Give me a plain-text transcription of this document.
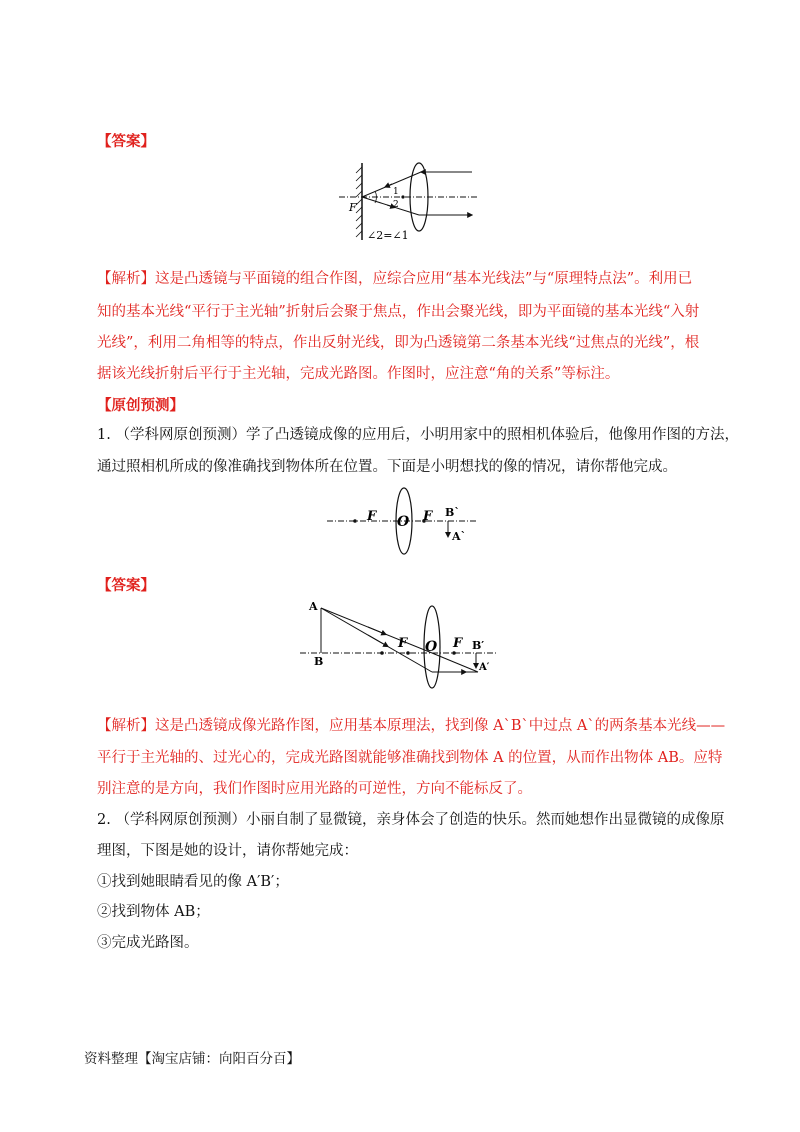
【答案】
F
1
2
∠2=∠1
【解析】这是凸透镜与平面镜的组合作图，应综合应用“基本光线法”与“原理特点法”。利用已
知的基本光线“平行于主光轴”折射后会聚于焦点，作出会聚光线，即为平面镜的基本光线“入射
光线”，利用二角相等的特点，作出反射光线，即为凸透镜第二条基本光线“过焦点的光线”，根
据该光线折射后平行于主光轴，完成光路图。作图时，应注意“角的关系”等标注。
【原创预测】
1. （学科网原创预测）学了凸透镜成像的应用后，小明用家中的照相机体验后，他像用作图的方法，
通过照相机所成的像准确找到物体所在位置。下面是小明想找的像的情况，请你帮他完成。
F O F B`
A`
【答案】
A
B
F O F B′
A′
【解析】这是凸透镜成像光路作图，应用基本原理法，找到像 A`B`中过点 A`的两条基本光线——
平行于主光轴的、过光心的，完成光路图就能够准确找到物体 A 的位置，从而作出物体 AB。应特
别注意的是方向，我们作图时应用光路的可逆性，方向不能标反了。
2. （学科网原创预测）小丽自制了显微镜，亲身体会了创造的快乐。然而她想作出显微镜的成像原
理图，下图是她的设计，请你帮她完成：
①找到她眼睛看见的像 A′B′；
②找到物体 AB；
③完成光路图。
资料整理【淘宝店铺：向阳百分百】
